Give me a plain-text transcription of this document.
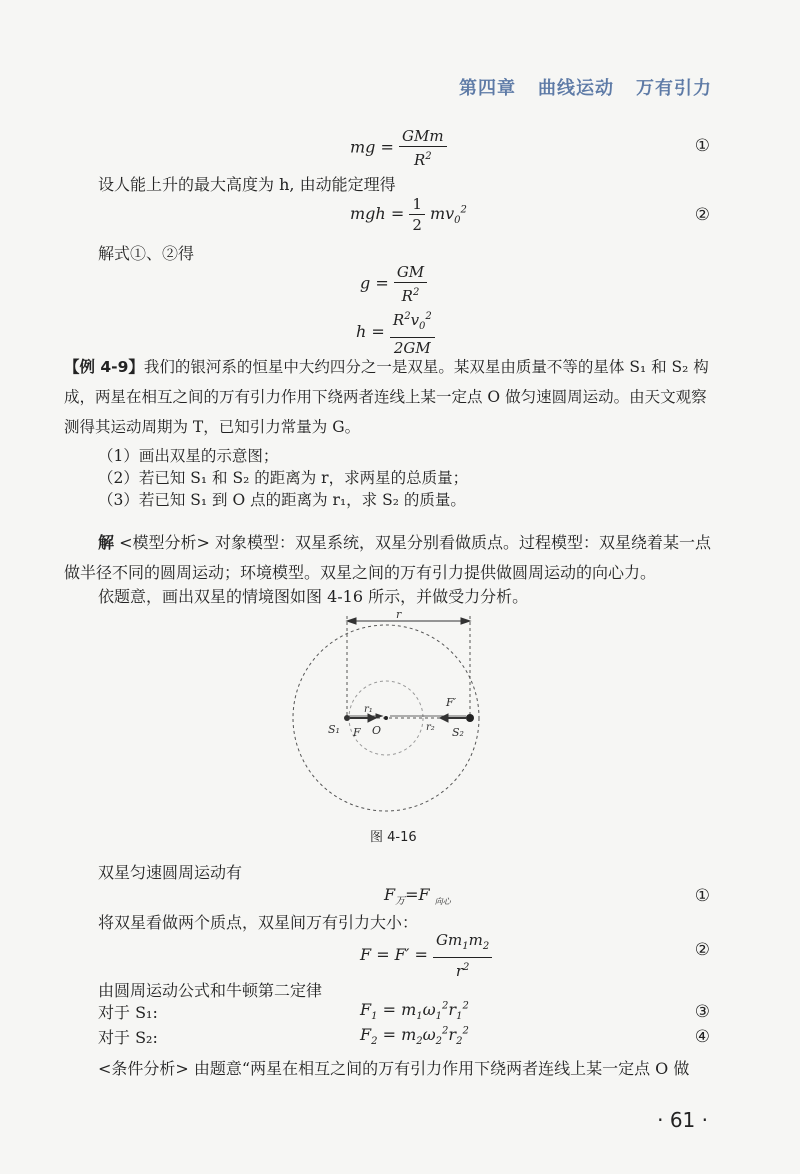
第四章 曲线运动 万有引力
mg = $\frac{\text{GMm}}{R^2}$	①
设人能上升的最大高度为 h, 由动能定理得
mgh = $\frac{1}{2} mv_0^2$	②
解式①、②得
$g = \frac{GM}{R^2}$
$h = \frac{R^2v_0^2}{2GM}$
【例 4-9】我们的银河系的恒星中大约四分之一是双星。某双星由质量不等的星体 S₁ 和 S₂ 构成，两星在相互之间的万有引力作用下绕两者连线上某一定点 O 做匀速圆周运动。由天文观察测得其运动周期为 T，已知引力常量为 G。
（1）画出双星的示意图；
（2）若已知 S₁ 和 S₂ 的距离为 r，求两星的总质量；
（3）若已知 S₁ 到 O 点的距离为 r₁，求 S₂ 的质量。
解 <模型分析> 对象模型：双星系统，双星分别看做质点。过程模型：双星绕着某一点做半径不同的圆周运动；环境模型。双星之间的万有引力提供做圆周运动的向心力。
依题意，画出双星的情境图如图 4-16 所示，并做受力分析。
r
r₁
r₂
F
F′
O
S₁	S₂
图 4-16
双星匀速圆周运动有
$F_万=F$ $_{向心}$	①
将双星看做两个质点，双星间万有引力大小：
$F = F' = \frac{Gm_1m_2}{r^2}$	②
由圆周运动公式和牛顿第二定律
对于 S₁:	$F_1 = m_1\omega_1^2r_1^2$	③
对于 S₂:	$F_2 = m_2\omega_2^2r_2^2$	④
<条件分析> 由题意“两星在相互之间的万有引力作用下绕两者连线上某一定点 O 做
· 61 ·
